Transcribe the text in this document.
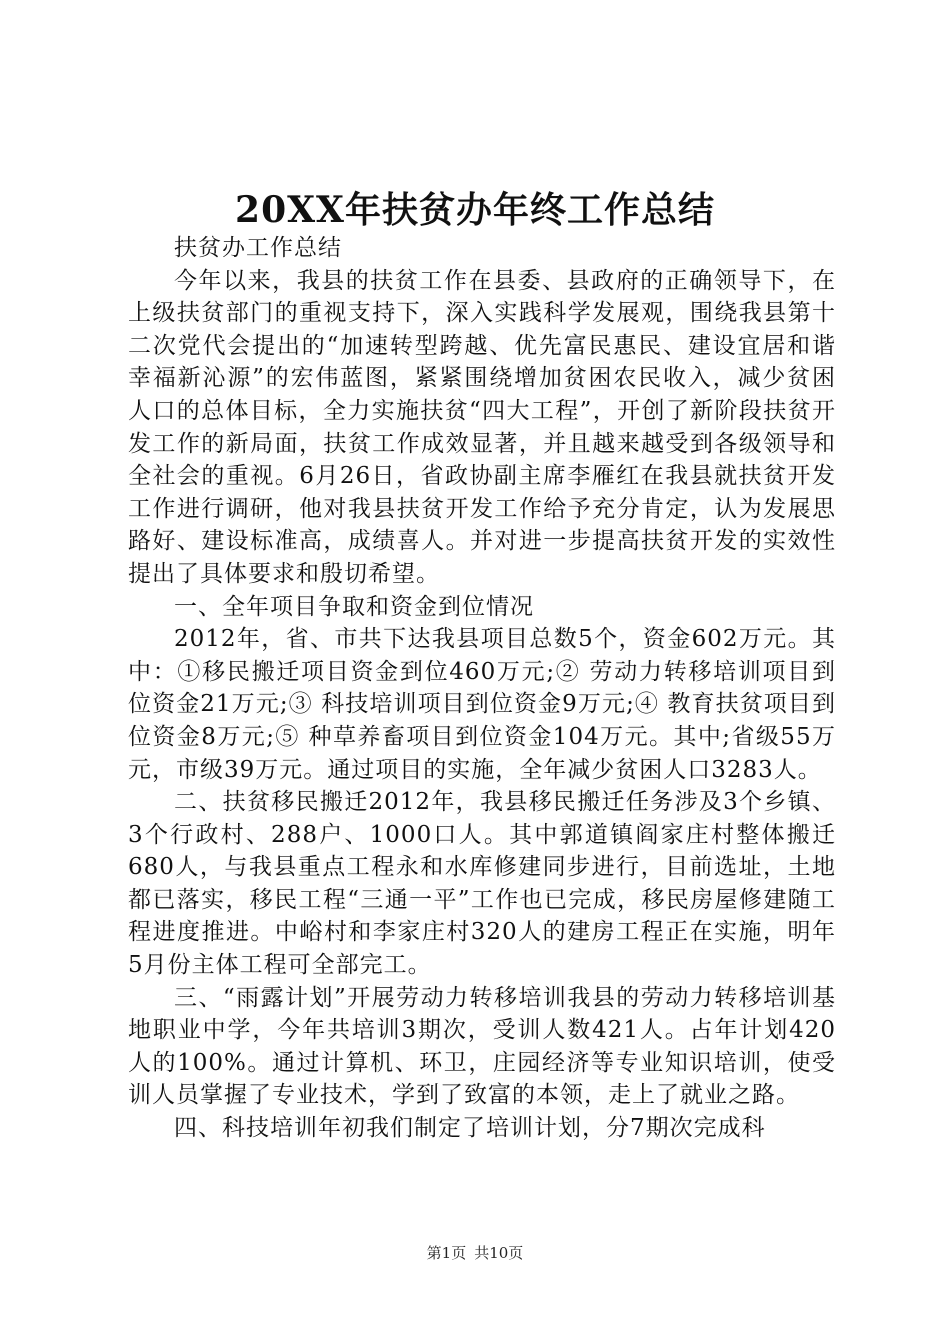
20XX年扶贫办年终工作总结

扶贫办工作总结

今年以来，我县的扶贫工作在县委、县政府的正确领导下，在上级扶贫部门的重视支持下，深入实践科学发展观，围绕我县第十二次党代会提出的“加速转型跨越、优先富民惠民、建设宜居和谐幸福新沁源”的宏伟蓝图，紧紧围绕增加贫困农民收入，减少贫困人口的总体目标，全力实施扶贫“四大工程”，开创了新阶段扶贫开发工作的新局面，扶贫工作成效显著，并且越来越受到各级领导和全社会的重视。6月26日，省政协副主席李雁红在我县就扶贫开发工作进行调研，他对我县扶贫开发工作给予充分肯定，认为发展思路好、建设标准高，成绩喜人。并对进一步提高扶贫开发的实效性提出了具体要求和殷切希望。

一、全年项目争取和资金到位情况

2012年，省、市共下达我县项目总数5个，资金602万元。其中：①移民搬迁项目资金到位460万元;② 劳动力转移培训项目到位资金21万元;③ 科技培训项目到位资金9万元;④ 教育扶贫项目到位资金8万元;⑤ 种草养畜项目到位资金104万元。其中;省级55万元，市级39万元。通过项目的实施，全年减少贫困人口3283人。

二、扶贫移民搬迁2012年，我县移民搬迁任务涉及3个乡镇、3个行政村、288户、1000口人。其中郭道镇阎家庄村整体搬迁680人，与我县重点工程永和水库修建同步进行，目前选址，土地都已落实，移民工程“三通一平”工作也已完成，移民房屋修建随工程进度推进。中峪村和李家庄村320人的建房工程正在实施，明年5月份主体工程可全部完工。

三、“雨露计划”开展劳动力转移培训我县的劳动力转移培训基地职业中学，今年共培训3期次，受训人数421人。占年计划420人的100%。通过计算机、环卫，庄园经济等专业知识培训，使受训人员掌握了专业技术，学到了致富的本领，走上了就业之路。

四、科技培训年初我们制定了培训计划，分7期次完成科

第1页 共10页
